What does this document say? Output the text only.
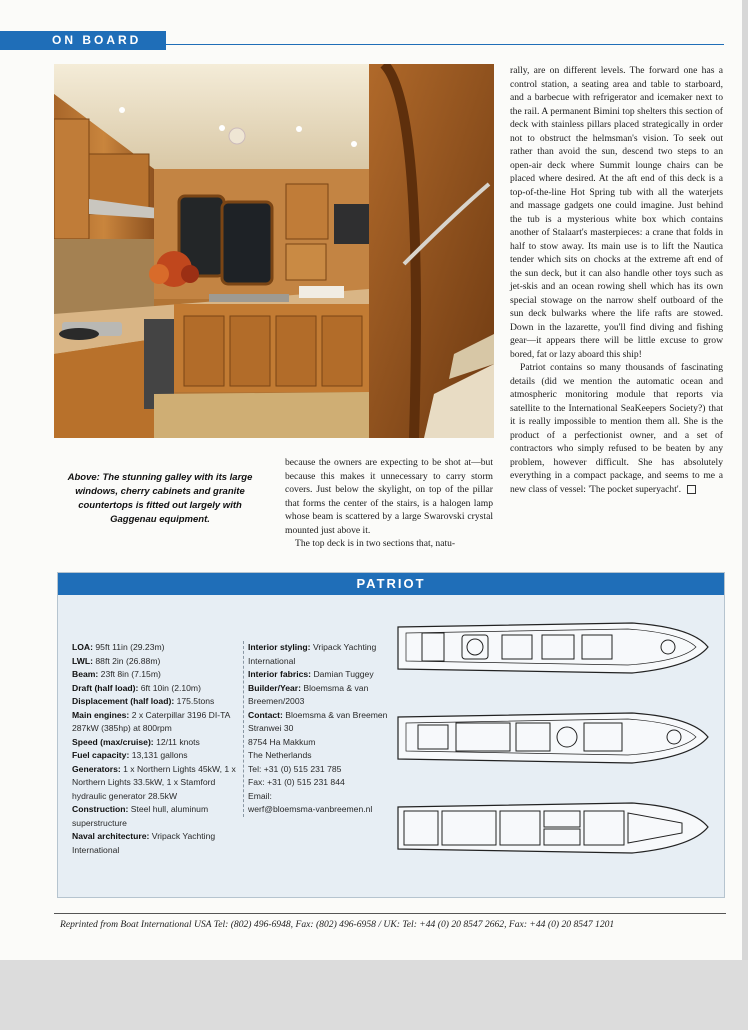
ON BOARD
Above: The stunning galley with its large windows, cherry cabinets and granite countertops is fitted out largely with Gaggenau equipment.

because the owners are expecting to be shot at—but because this makes it unnecessary to carry storm covers. Just below the skylight, on top of the pillar that forms the center of the stairs, is a halogen lamp whose beam is scattered by a large Swarovski crystal mounted just above it.

The top deck is in two sections that, natu-

rally, are on different levels. The forward one has a control station, a seating area and table to starboard, and a barbecue with refrigerator and icemaker next to the rail. A permanent Bimini top shelters this section of deck with stainless pillars placed strategically in order not to obstruct the helmsman's vision. To seek out rather than avoid the sun, descend two steps to an open-air deck where Summit lounge chairs can be placed where desired. At the aft end of this deck is a top-of-the-line Hot Spring tub with all the waterjets and massage gadgets one could imagine. Just behind the tub is a mysterious white box which contains another of Stalaart's masterpieces: a crane that folds in half to stow away. Its main use is to lift the Nautica tender which sits on chocks at the extreme aft end of the sun deck, but it can also handle other toys such as jet-skis and an ocean rowing shell which has its own special stowage on the narrow shelf outboard of the sun deck bulwarks where the life rafts are stowed. Down in the lazarette, you'll find diving and fishing gear—it appears there will be little excuse to grow bored, fat or lazy aboard this ship!

Patriot contains so many thousands of fascinating details (did we mention the automatic ocean and atmospheric monitoring module that reports via satellite to the International SeaKeepers Society?) that it is really impossible to mention them all. She is the product of a perfectionist owner, and a set of contractors who simply refused to be beaten by any problem, however difficult. She has absolutely everything in a compact package, and seems to me a new class of vessel: 'The pocket superyacht'.

PATRIOT
LOA: 95ft 11in (29.23m)
LWL: 88ft 2in (26.88m)
Beam: 23ft 8in (7.15m)
Draft (half load): 6ft 10in (2.10m)
Displacement (half load): 175.5tons
Main engines: 2 x Caterpillar 3196 DI-TA 287kW (385hp) at 800rpm
Speed (max/cruise): 12/11 knots
Fuel capacity: 13,131 gallons
Generators: 1 x Northern Lights 45kW, 1 x Northern Lights 33.5kW, 1 x Stamford hydraulic generator 28.5kW
Construction: Steel hull, aluminum superstructure
Naval architecture: Vripack Yachting International
Interior styling: Vripack Yachting International
Interior fabrics: Damian Tuggey
Builder/Year: Bloemsma & van Breemen/2003
Contact: Bloemsma & van Breemen
Stranwei 30
8754 Ha Makkum
The Netherlands
Tel: +31 (0) 515 231 785
Fax: +31 (0) 515 231 844
Email:
werf@bloemsma-vanbreemen.nl
Reprinted from Boat International USA Tel: (802) 496-6948, Fax: (802) 496-6958 / UK: Tel: +44 (0) 20 8547 2662, Fax: +44 (0) 20 8547 1201
